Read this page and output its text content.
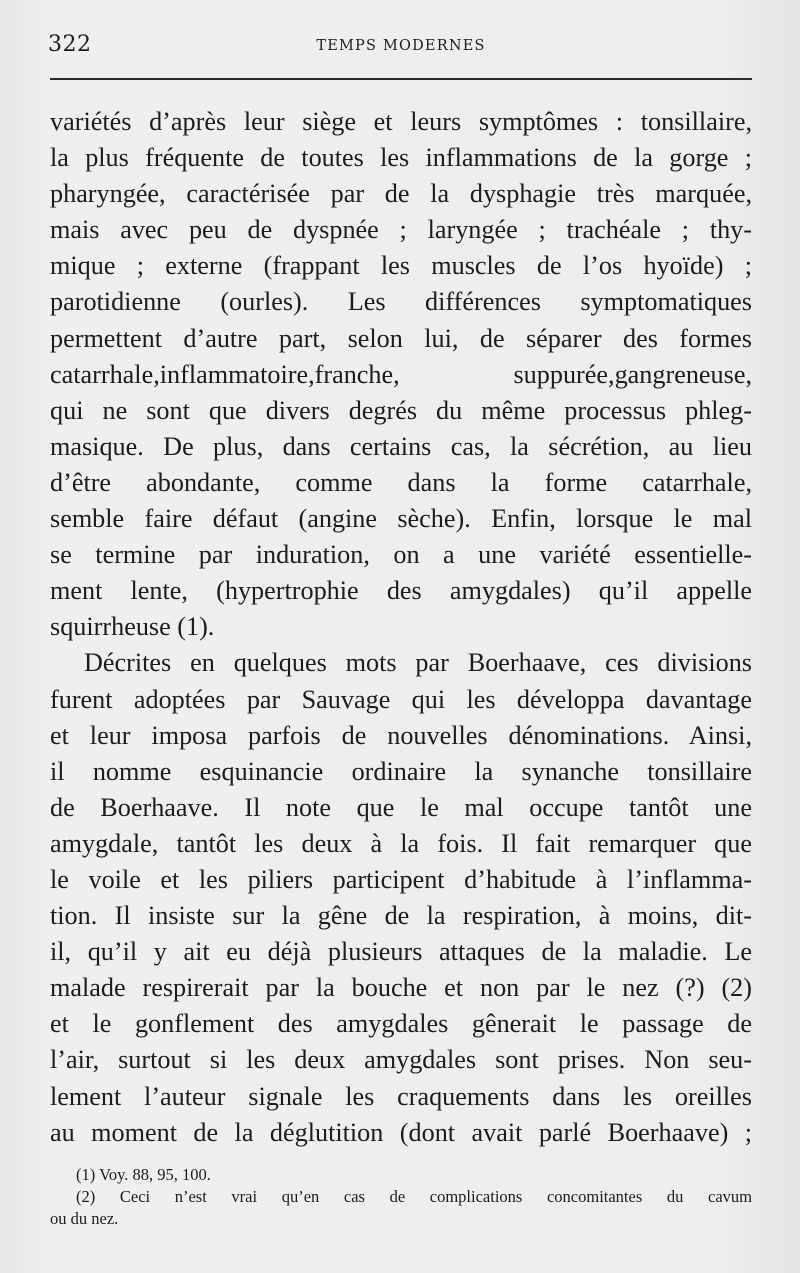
322	TEMPS MODERNES
variétés d’après leur siège et leurs symptômes : tonsillaire,
la plus fréquente de toutes les inflammations de la gorge ;
pharyngée, caractérisée par de la dysphagie très marquée,
mais avec peu de dyspnée ; laryngée ; trachéale ; thy-
mique ; externe (frappant les muscles de l’os hyoïde) ;
parotidienne (ourles). Les différences symptomatiques
permettent d’autre part, selon lui, de séparer des formes
catarrhale,inflammatoire,franche, suppurée,gangreneuse,
qui ne sont que divers degrés du même processus phleg-
masique. De plus, dans certains cas, la sécrétion, au lieu
d’être abondante, comme dans la forme catarrhale,
semble faire défaut (angine sèche). Enfin, lorsque le mal
se termine par induration, on a une variété essentielle-
ment lente, (hypertrophie des amygdales) qu’il appelle
squirrheuse (1).
Décrites en quelques mots par Boerhaave, ces divisions
furent adoptées par Sauvage qui les développa davantage
et leur imposa parfois de nouvelles dénominations. Ainsi,
il nomme esquinancie ordinaire la synanche tonsillaire
de Boerhaave. Il note que le mal occupe tantôt une
amygdale, tantôt les deux à la fois. Il fait remarquer que
le voile et les piliers participent d’habitude à l’inflamma-
tion. Il insiste sur la gêne de la respiration, à moins, dit-
il, qu’il y ait eu déjà plusieurs attaques de la maladie. Le
malade respirerait par la bouche et non par le nez (?) (2)
et le gonflement des amygdales gênerait le passage de
l’air, surtout si les deux amygdales sont prises. Non seu-
lement l’auteur signale les craquements dans les oreilles
au moment de la déglutition (dont avait parlé Boerhaave) ;
(1) Voy. 88, 95, 100.
(2) Ceci n’est vrai qu’en cas de complications concomitantes du cavum
ou du nez.
